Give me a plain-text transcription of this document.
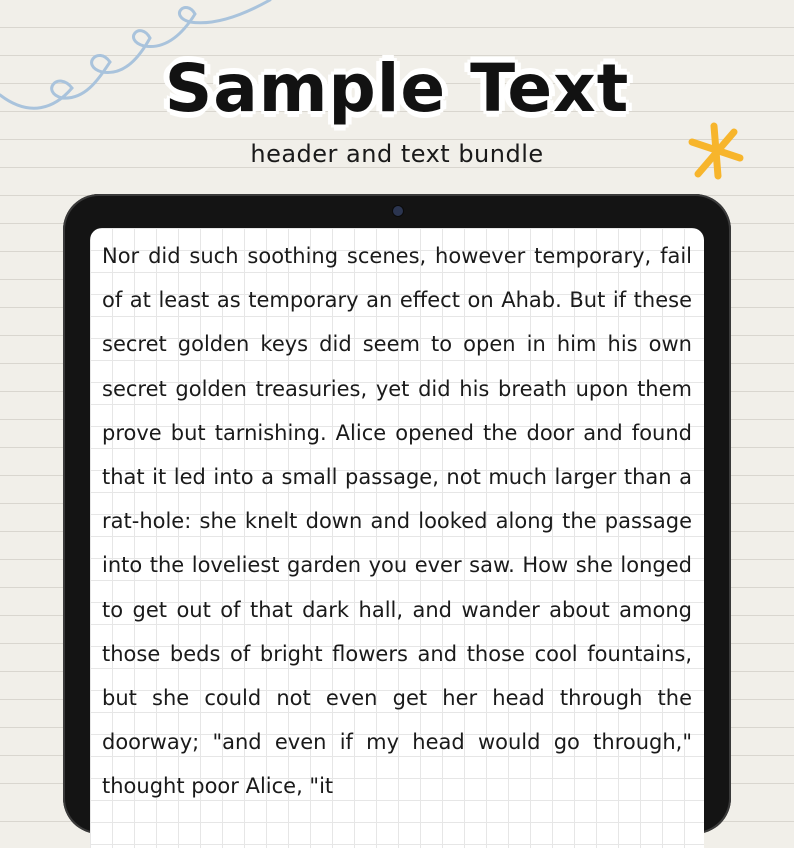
Sample Text

header and text bundle

Nor did such soothing scenes, however temporary, fail of at least as temporary an effect on Ahab. But if these secret golden keys did seem to open in him his own secret golden treasuries, yet did his breath upon them prove but tarnishing. Alice opened the door and found that it led into a small passage, not much larger than a rat-hole: she knelt down and looked along the passage into the loveliest garden you ever saw. How she longed to get out of that dark hall, and wander about among those beds of bright flowers and those cool fountains, but she could not even get her head through the doorway; "and even if my head would go through," thought poor Alice, "it
